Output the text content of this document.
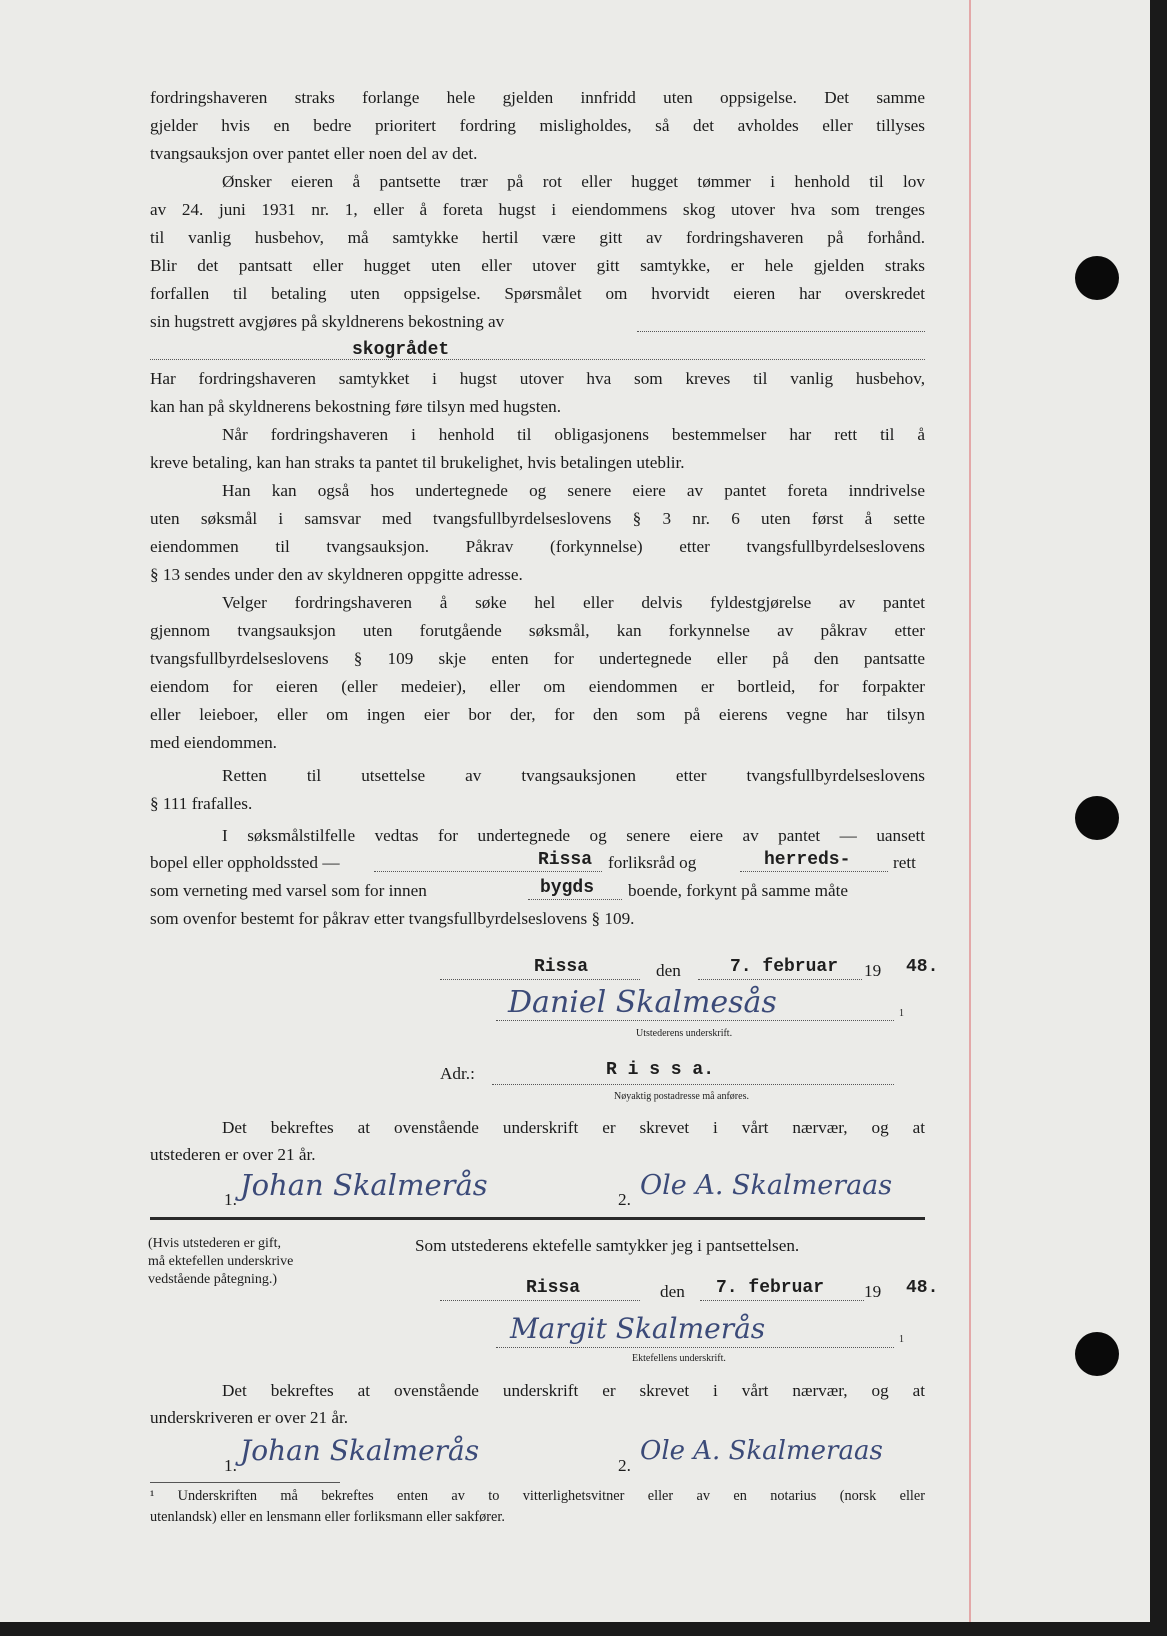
fordringshaveren straks forlange hele gjelden innfridd uten oppsigelse. Det samme
gjelder hvis en bedre prioritert fordring misligholdes, så det avholdes eller tillyses
tvangsauksjon over pantet eller noen del av det.
Ønsker eieren å pantsette trær på rot eller hugget tømmer i henhold til lov
av 24. juni 1931 nr. 1, eller å foreta hugst i eiendommens skog utover hva som trenges
til vanlig husbehov, må samtykke hertil være gitt av fordringshaveren på forhånd.
Blir det pantsatt eller hugget uten eller utover gitt samtykke, er hele gjelden straks
forfallen til betaling uten oppsigelse. Spørsmålet om hvorvidt eieren har overskredet
sin hugstrett avgjøres på skyldnerens bekostning av
skogrådet
Har fordringshaveren samtykket i hugst utover hva som kreves til vanlig husbehov,
kan han på skyldnerens bekostning føre tilsyn med hugsten.
Når fordringshaveren i henhold til obligasjonens bestemmelser har rett til å
kreve betaling, kan han straks ta pantet til brukelighet, hvis betalingen uteblir.
Han kan også hos undertegnede og senere eiere av pantet foreta inndrivelse
uten søksmål i samsvar med tvangsfullbyrdelseslovens § 3 nr. 6 uten først å sette
eiendommen til tvangsauksjon. Påkrav (forkynnelse) etter tvangsfullbyrdelseslovens
§ 13 sendes under den av skyldneren oppgitte adresse.
Velger fordringshaveren å søke hel eller delvis fyldestgjørelse av pantet
gjennom tvangsauksjon uten forutgående søksmål, kan forkynnelse av påkrav etter
tvangsfullbyrdelseslovens § 109 skje enten for undertegnede eller på den pantsatte
eiendom for eieren (eller medeier), eller om eiendommen er bortleid, for forpakter
eller leieboer, eller om ingen eier bor der, for den som på eierens vegne har tilsyn
med eiendommen.
Retten til utsettelse av tvangsauksjonen etter tvangsfullbyrdelseslovens
§ 111 frafalles.
I søksmålstilfelle vedtas for undertegnede og senere eiere av pantet — uansett
bopel eller oppholdssted —	Rissa forliksråd og	herreds- rett
som verneting med varsel som for innen	bygds boende, forkynt på samme måte
som ovenfor bestemt for påkrav etter tvangsfullbyrdelseslovens § 109.
Rissa	den	7. februar 19 48.
Daniel Skalmesås	1
Utstederens underskrift.
Adr.:	R i s s a.
Nøyaktig postadresse må anføres.
Det bekreftes at ovenstående underskrift er skrevet i vårt nærvær, og at
utstederen er over 21 år.
1. Johan Skalmerås	2. Ole A. Skalmeraas
(Hvis utstederen er gift,
må ektefellen underskrive
vedstående påtegning.)
Som utstederens ektefelle samtykker jeg i pantsettelsen.
Rissa	den 7. februar 19 48.
Margit Skalmerås	1
Ektefellens underskrift.
Det bekreftes at ovenstående underskrift er skrevet i vårt nærvær, og at
underskriveren er over 21 år.
1. Johan Skalmerås	2. Ole A. Skalmeraas
¹ Underskriften må bekreftes enten av to vitterlighetsvitner eller av en notarius (norsk eller
utenlandsk) eller en lensmann eller forliksmann eller sakfører.
